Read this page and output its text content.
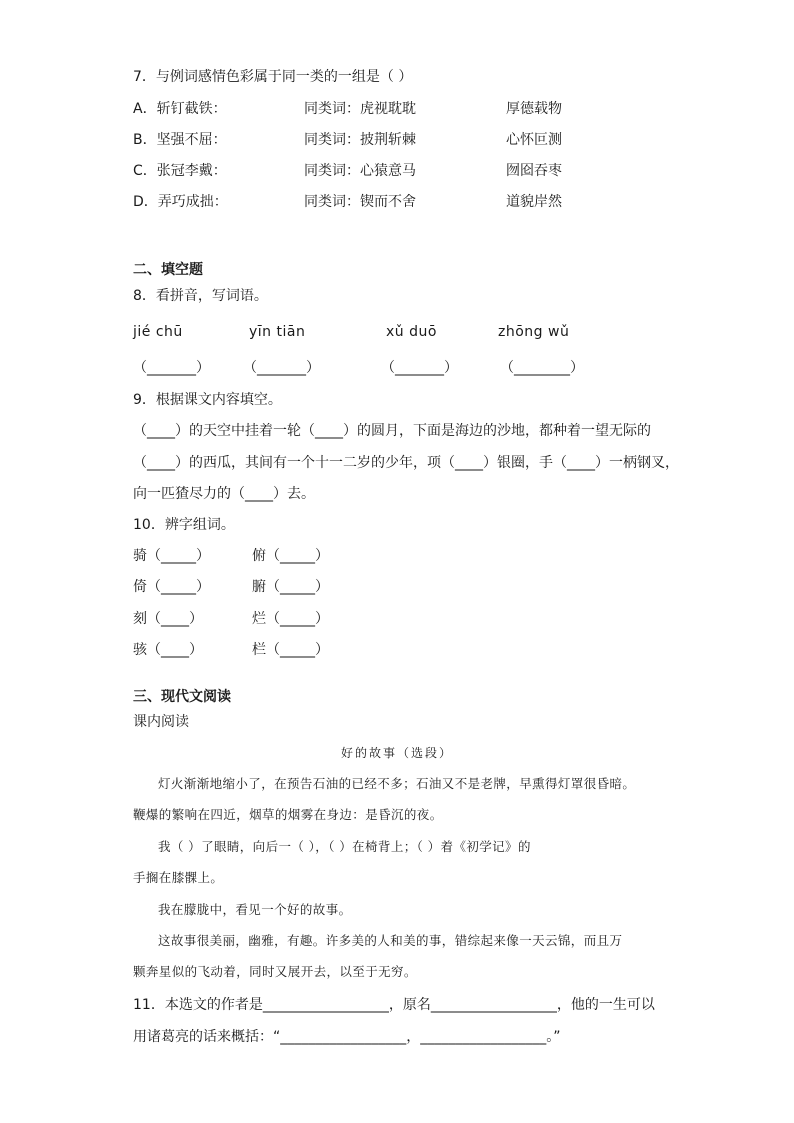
7．与例词感情色彩属于同一类的一组是（ ）
A．斩钉截铁：	同类词：虎视耽耽	厚德载物
B．坚强不屈：	同类词：披荆斩棘	心怀叵测
C．张冠李戴：	同类词：心猿意马	囫囵吞枣
D．弄巧成拙：	同类词：锲而不舍	道貌岸然
二、填空题
8．看拼音，写词语。
jié chū	yīn tiān	xǔ duō	zhōng wǔ
（_______） （_______）	（_______）	（________）
9．根据课文内容填空。
（____）的天空中挂着一轮（____）的圆月，下面是海边的沙地，都种着一望无际的
（____）的西瓜，其间有一个十一二岁的少年，项（____）银圈，手（____）一柄钢叉，
向一匹猹尽力的（____）去。
10．辨字组词。
骑（_____）	俯（_____）
倚（_____）	腑（_____）
刻（____）	烂（_____）
骇（____）	栏（_____）
三、现代文阅读
课内阅读
好的故事（选段）
灯火渐渐地缩小了，在预告石油的已经不多；石油又不是老牌，早熏得灯罩很昏暗。
鞭爆的繁响在四近，烟草的烟雾在身边：是昏沉的夜。
我（ ）了眼睛，向后一（ ），（ ）在椅背上；（ ）着《初学记》的
手搁在膝髁上。
我在朦胧中，看见一个好的故事。
这故事很美丽，幽雅，有趣。许多美的人和美的事，错综起来像一天云锦，而且万
颗奔星似的飞动着，同时又展开去，以至于无穷。
11．本选文的作者是__________________，原名__________________，他的一生可以
用诸葛亮的话来概括：“__________________，__________________。”
